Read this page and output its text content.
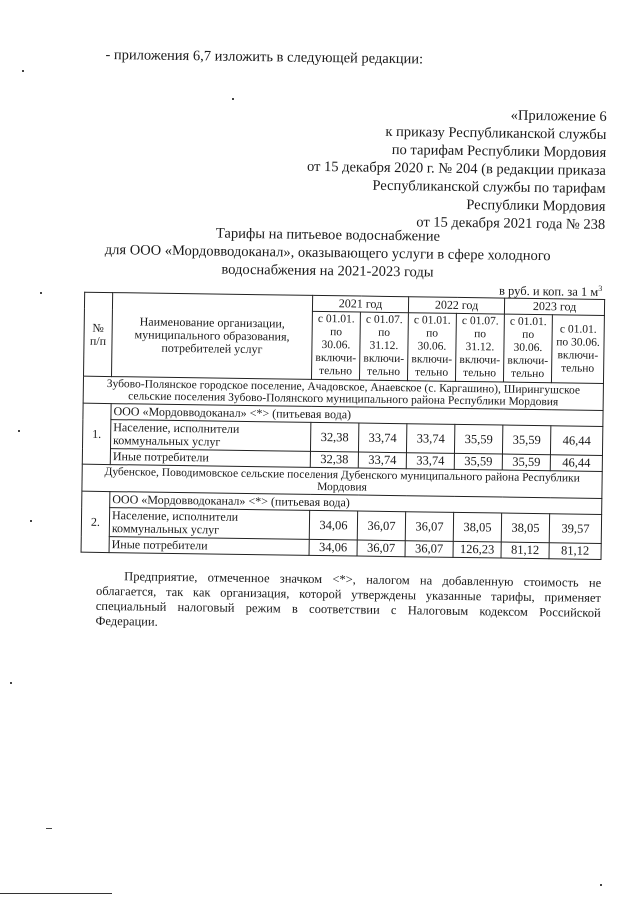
- приложения 6,7 изложить в следующей редакции:
«Приложение 6
к приказу Республиканской службы
по тарифам Республики Мордовия
от 15 декабря 2020 г. № 204 (в редакции приказа
Республиканской службы по тарифам
Республики Мордовия
от 15 декабря 2021 года № 238
Тарифы на питьевое водоснабжение
для ООО «Мордовводоканал», оказывающего услуги в сфере холодного
водоснабжения на 2021-2023 годы
в руб. и коп. за 1 $м^3$
№ п/п	Наименование организации, муниципального образования, потребителей услуг	2021 год		2022 год		2023 год	
		с 01.01. по 30.06. включи- тельно	с 01.07. по 31.12. включи- тельно	с 01.01. по 30.06. включи- тельно	с 01.07. по 31.12. включи- тельно	с 01.01. по 30.06. включи- тельно	с 01.01. по 30.06. включи- тельно
Зубово-Полянское городское поселение, Ачадовское, Анаевское (с. Каргашино), Ширингушское сельские поселения Зубово-Полянского муниципального района Республики Мордовия							
1.	ООО «Мордовводоканал» <*> (питьевая вода)						
	Население, исполнители коммунальных услуг	32,38	33,74	33,74	35,59	35,59	46,44
	Иные потребители	32,38	33,74	33,74	35,59	35,59	46,44
Дубенское, Поводимовское сельские поселения Дубенского муниципального района Республики Мордовия							
2.	ООО «Мордовводоканал» <*> (питьевая вода)						
	Население, исполнители коммунальных услуг	34,06	36,07	36,07	38,05	38,05	39,57
	Иные потребители	34,06	36,07	36,07	126,23	81,12	81,12
Предприятие, отмеченное значком <*>, налогом на добавленную стоимость не облагается, так как организация, которой утверждены указанные тарифы, применяет специальный налоговый режим в соответствии с Налоговым кодексом Российской Федерации.
